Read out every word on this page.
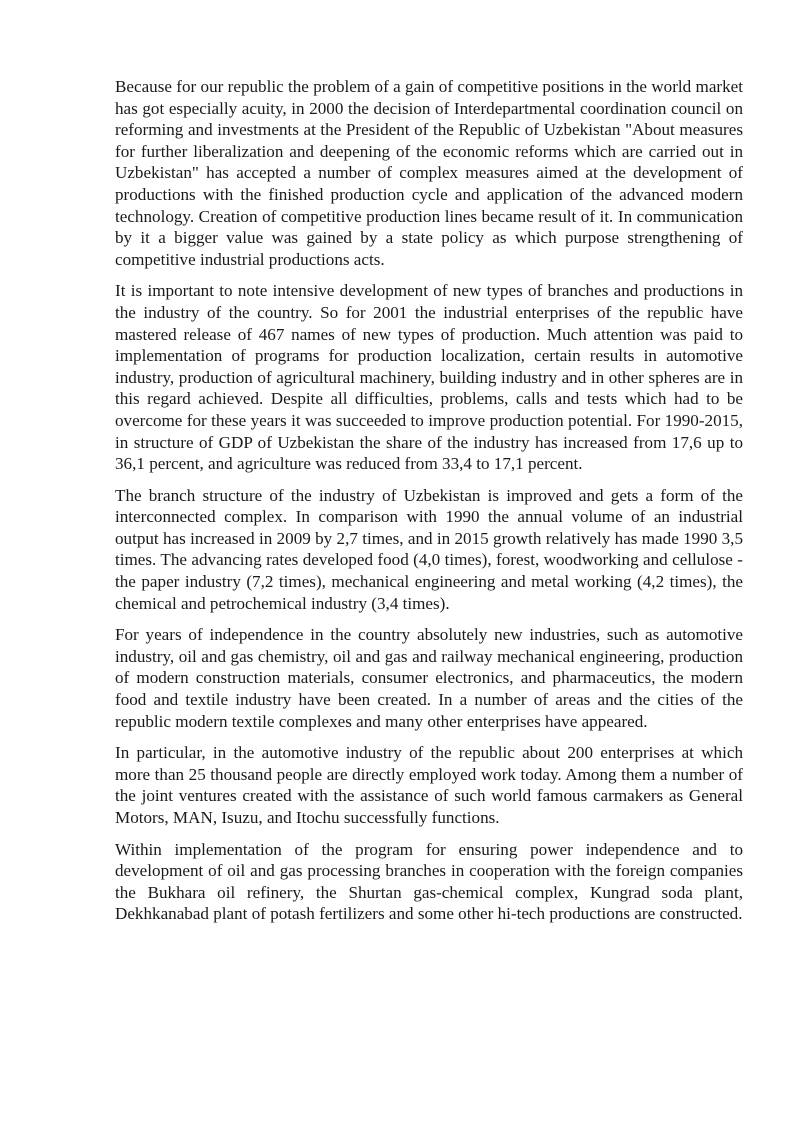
Because for our republic the problem of a gain of competitive positions in the world market has got especially acuity, in 2000 the decision of Interdepartmental coordination council on reforming and investments at the President of the Republic of Uzbekistan "About measures for further liberalization and deepening of the economic reforms which are carried out in Uzbekistan" has accepted a number of complex measures aimed at the development of productions with the finished production cycle and application of the advanced modern technology. Creation of competitive production lines became result of it. In communication by it a bigger value was gained by a state policy as which purpose strengthening of competitive industrial productions acts.

It is important to note intensive development of new types of branches and productions in the industry of the country. So for 2001 the industrial enterprises of the republic have mastered release of 467 names of new types of production. Much attention was paid to implementation of programs for production localization, certain results in automotive industry, production of agricultural machinery, building industry and in other spheres are in this regard achieved. Despite all difficulties, problems, calls and tests which had to be overcome for these years it was succeeded to improve production potential. For 1990-2015, in structure of GDP of Uzbekistan the share of the industry has increased from 17,6 up to 36,1 percent, and agriculture was reduced from 33,4 to 17,1 percent.

The branch structure of the industry of Uzbekistan is improved and gets a form of the interconnected complex. In comparison with 1990 the annual volume of an industrial output has increased in 2009 by 2,7 times, and in 2015 growth relatively has made 1990 3,5 times. The advancing rates developed food (4,0 times), forest, woodworking and cellulose - the paper industry (7,2 times), mechanical engineering and metal working (4,2 times), the chemical and petrochemical industry (3,4 times).

For years of independence in the country absolutely new industries, such as automotive industry, oil and gas chemistry, oil and gas and railway mechanical engineering, production of modern construction materials, consumer electronics, and pharmaceutics, the modern food and textile industry have been created. In a number of areas and the cities of the republic modern textile complexes and many other enterprises have appeared.

In particular, in the automotive industry of the republic about 200 enterprises at which more than 25 thousand people are directly employed work today. Among them a number of the joint ventures created with the assistance of such world famous carmakers as General Motors, MAN, Isuzu, and Itochu successfully functions.

Within implementation of the program for ensuring power independence and to development of oil and gas processing branches in cooperation with the foreign companies the Bukhara oil refinery, the Shurtan gas-chemical complex, Kungrad soda plant, Dekhkanabad plant of potash fertilizers and some other hi-tech productions are constructed.
